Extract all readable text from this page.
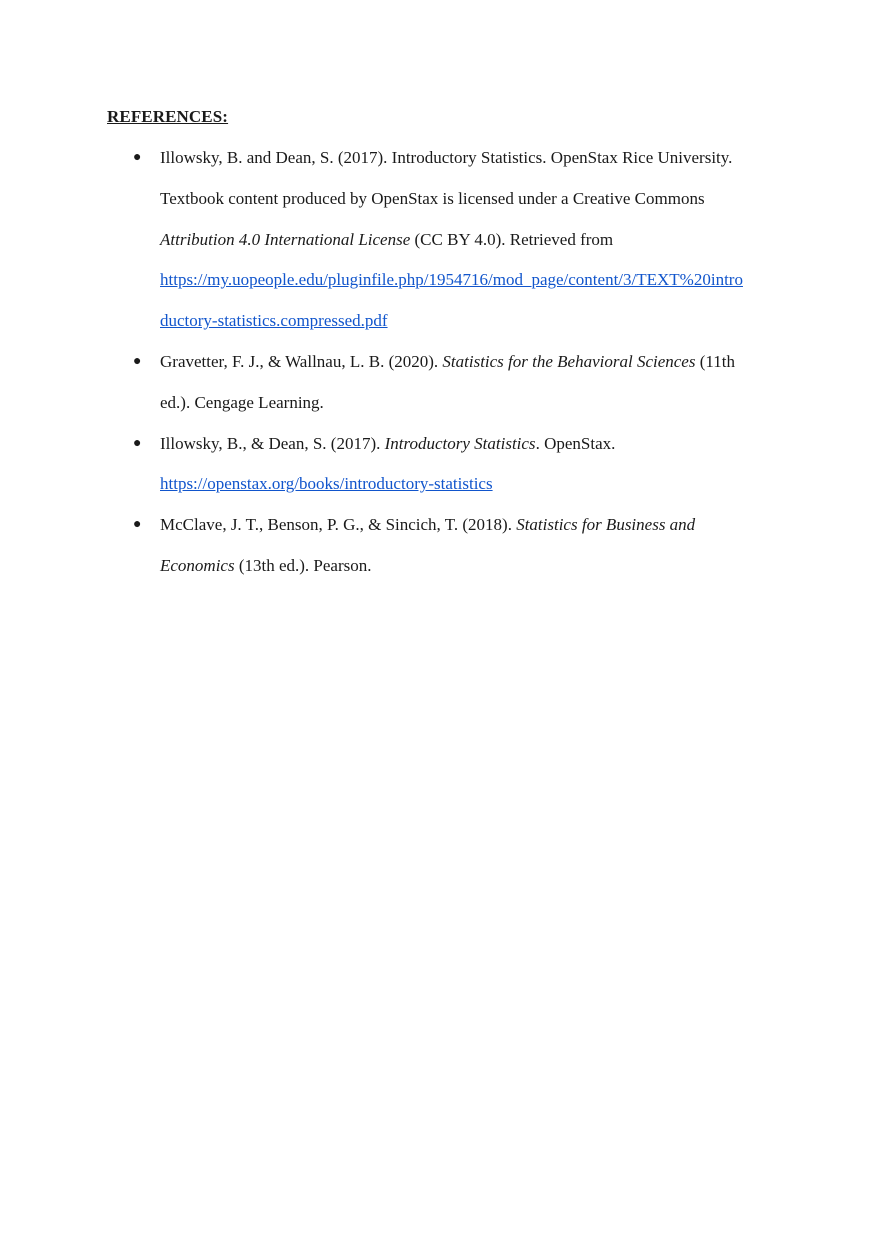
REFERENCES:
● Illowsky, B. and Dean, S. (2017). Introductory Statistics. OpenStax Rice University.
Textbook content produced by OpenStax is licensed under a Creative Commons
Attribution 4.0 International License (CC BY 4.0). Retrieved from
https://my.uopeople.edu/pluginfile.php/1954716/mod_page/content/3/TEXT%20intro
ductory-statistics.compressed.pdf
● Gravetter, F. J., & Wallnau, L. B. (2020). Statistics for the Behavioral Sciences (11th
ed.). Cengage Learning.
● Illowsky, B., & Dean, S. (2017). Introductory Statistics. OpenStax.
https://openstax.org/books/introductory-statistics
● McClave, J. T., Benson, P. G., & Sincich, T. (2018). Statistics for Business and
Economics (13th ed.). Pearson.
